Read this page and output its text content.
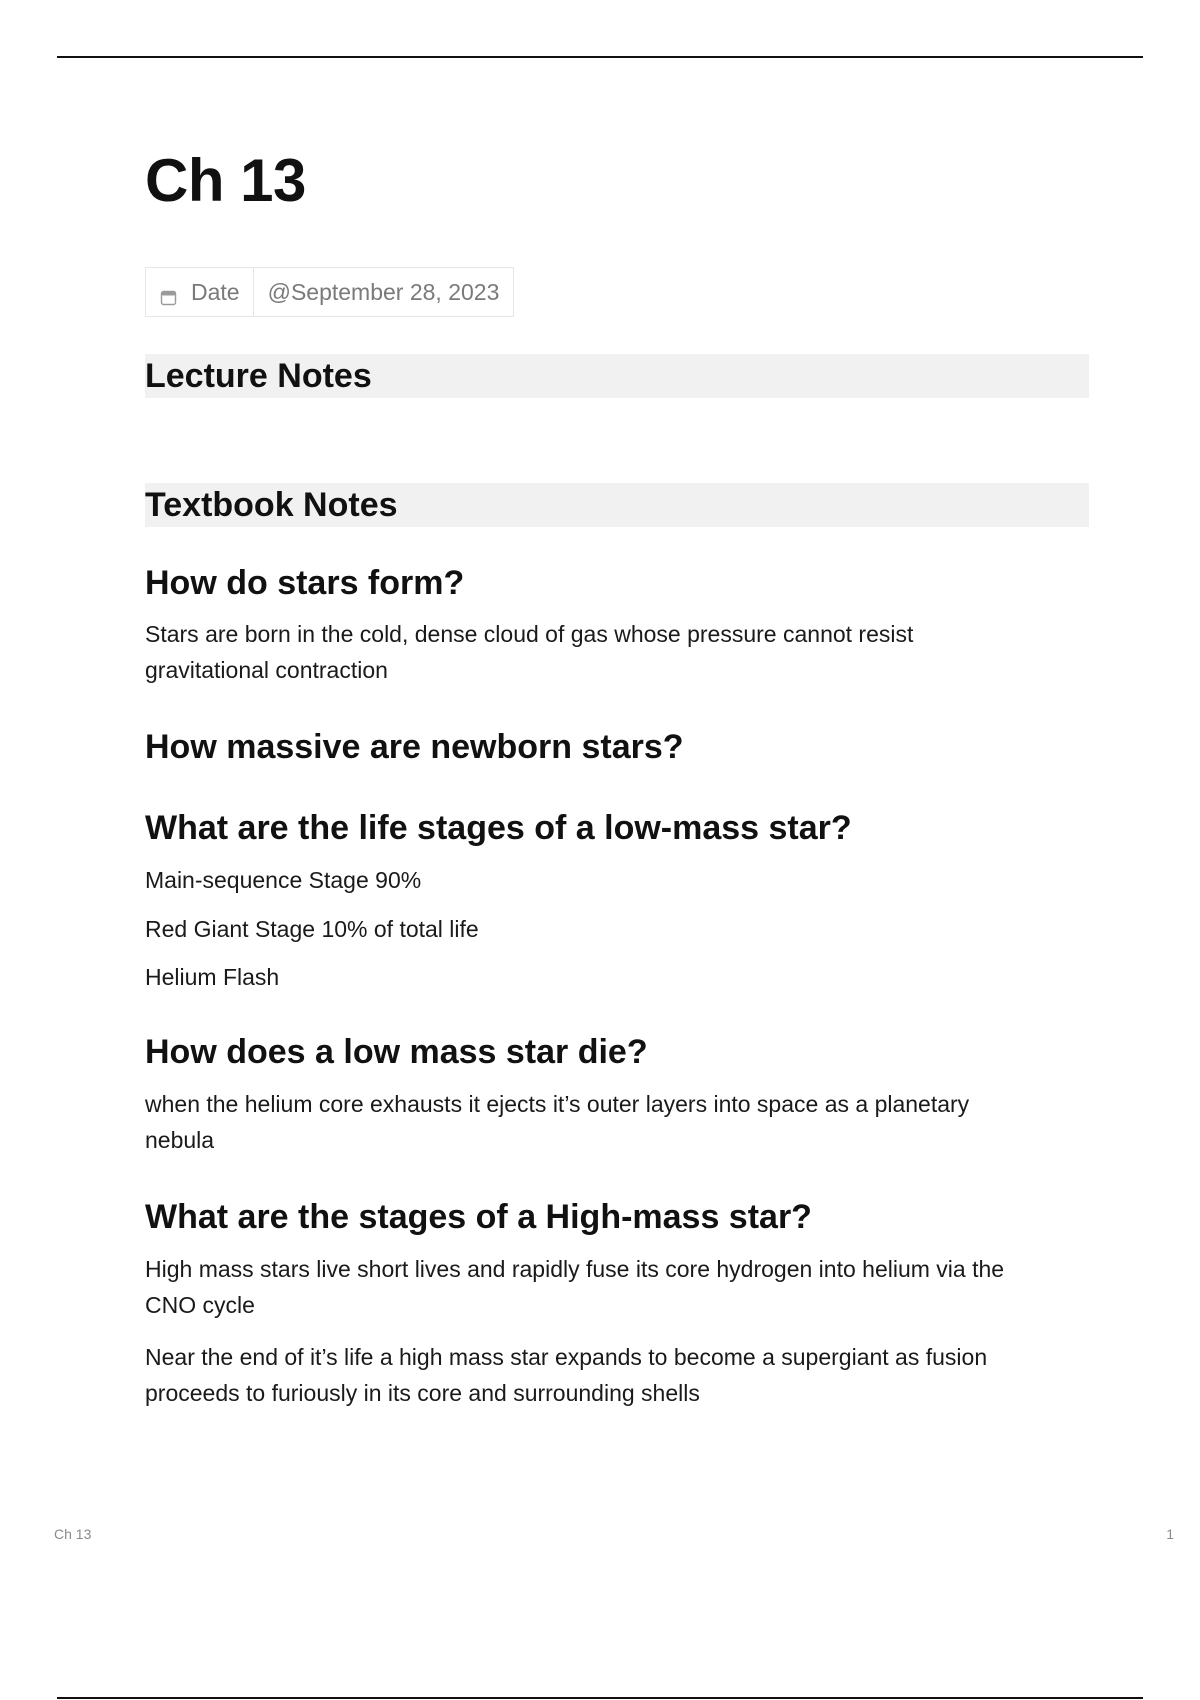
Ch 13
Date @September 28, 2023
Lecture Notes
Textbook Notes
How do stars form?

Stars are born in the cold, dense cloud of gas whose pressure cannot resist

gravitational contraction

How massive are newborn stars?
What are the life stages of a low-mass star?

Main-sequence Stage 90%

Red Giant Stage 10% of total life

Helium Flash

How does a low mass star die?

when the helium core exhausts it ejects it’s outer layers into space as a planetary

nebula

What are the stages of a High-mass star?

High mass stars live short lives and rapidly fuse its core hydrogen into helium via the

CNO cycle

Near the end of it’s life a high mass star expands to become a supergiant as fusion

proceeds to furiously in its core and surrounding shells

Ch 13	1
